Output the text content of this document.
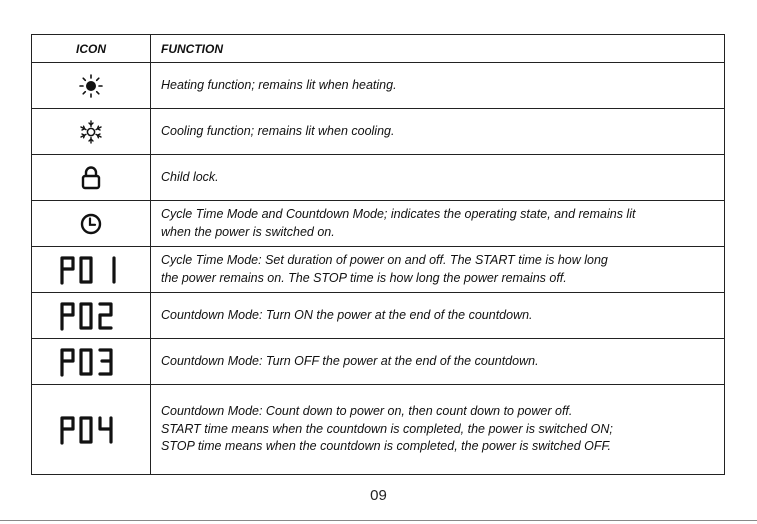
ICON	FUNCTION

Heating function; remains lit when heating.

Cooling function; remains lit when cooling.

Child lock.

Cycle Time Mode and Countdown Mode; indicates the operating state, and remains lit
when the power is switched on.

Cycle Time Mode: Set duration of power on and off. The START time is how long
the power remains on. The STOP time is how long the power remains off.

Countdown Mode: Turn ON the power at the end of the countdown.

Countdown Mode: Turn OFF the power at the end of the countdown.

Countdown Mode: Count down to power on, then count down to power off.
START time means when the countdown is completed, the power is switched ON;
STOP time means when the countdown is completed, the power is switched OFF.
09
